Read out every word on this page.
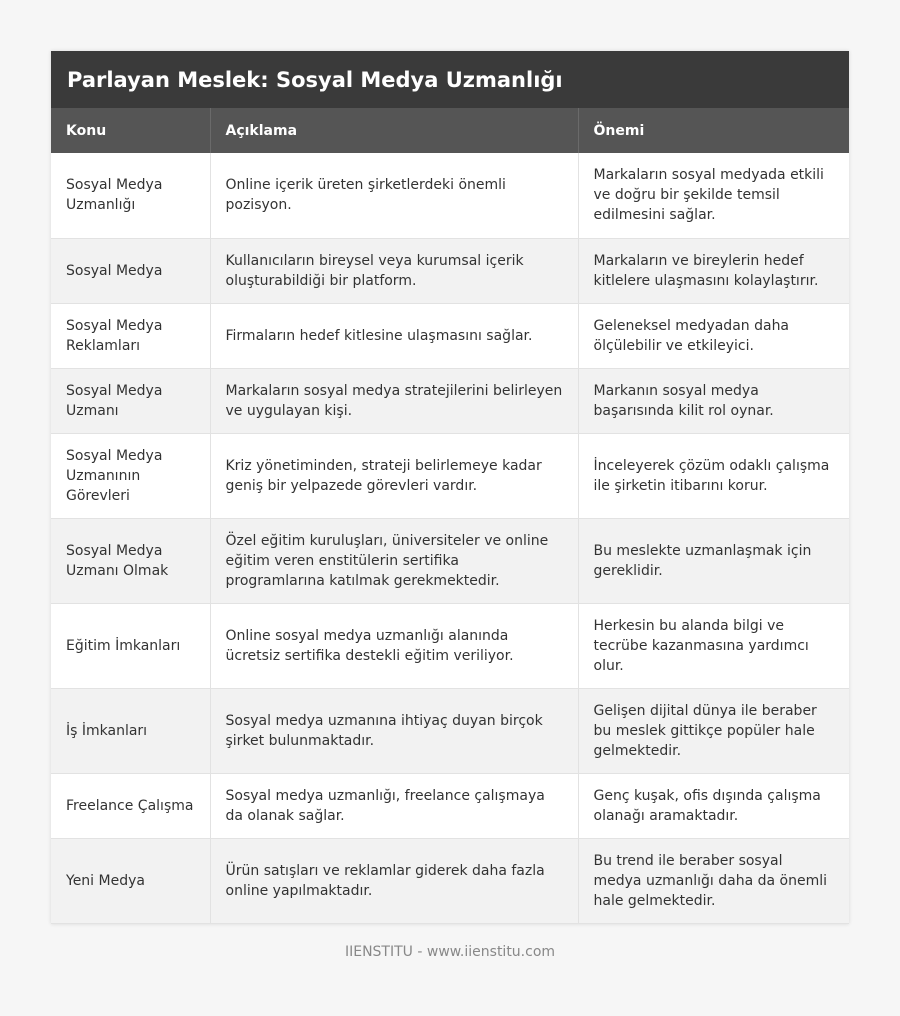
Parlayan Meslek: Sosyal Medya Uzmanlığı
Konu	Açıklama	Önemi
Sosyal Medya Uzmanlığı	Online içerik üreten şirketlerdeki önemli pozisyon.	Markaların sosyal medyada etkili ve doğru bir şekilde temsil edilmesini sağlar.
Sosyal Medya	Kullanıcıların bireysel veya kurumsal içerik oluşturabildiği bir platform.	Markaların ve bireylerin hedef kitlelere ulaşmasını kolaylaştırır.
Sosyal Medya Reklamları	Firmaların hedef kitlesine ulaşmasını sağlar.	Geleneksel medyadan daha ölçülebilir ve etkileyici.
Sosyal Medya Uzmanı	Markaların sosyal medya stratejilerini belirleyen ve uygulayan kişi.	Markanın sosyal medya başarısında kilit rol oynar.
Sosyal Medya Uzmanının Görevleri	Kriz yönetiminden, strateji belirlemeye kadar geniş bir yelpazede görevleri vardır.	İnceleyerek çözüm odaklı çalışma ile şirketin itibarını korur.
Sosyal Medya Uzmanı Olmak	Özel eğitim kuruluşları, üniversiteler ve online eğitim veren enstitülerin sertifika programlarına katılmak gerekmektedir.	Bu meslekte uzmanlaşmak için gereklidir.
Eğitim İmkanları	Online sosyal medya uzmanlığı alanında ücretsiz sertifika destekli eğitim veriliyor.	Herkesin bu alanda bilgi ve tecrübe kazanmasına yardımcı olur.
İş İmkanları	Sosyal medya uzmanına ihtiyaç duyan birçok şirket bulunmaktadır.	Gelişen dijital dünya ile beraber bu meslek gittikçe popüler hale gelmektedir.
Freelance Çalışma	Sosyal medya uzmanlığı, freelance çalışmaya da olanak sağlar.	Genç kuşak, ofis dışında çalışma olanağı aramaktadır.
Yeni Medya	Ürün satışları ve reklamlar giderek daha fazla online yapılmaktadır.	Bu trend ile beraber sosyal medya uzmanlığı daha da önemli hale gelmektedir.
IIENSTITU - www.iienstitu.com
